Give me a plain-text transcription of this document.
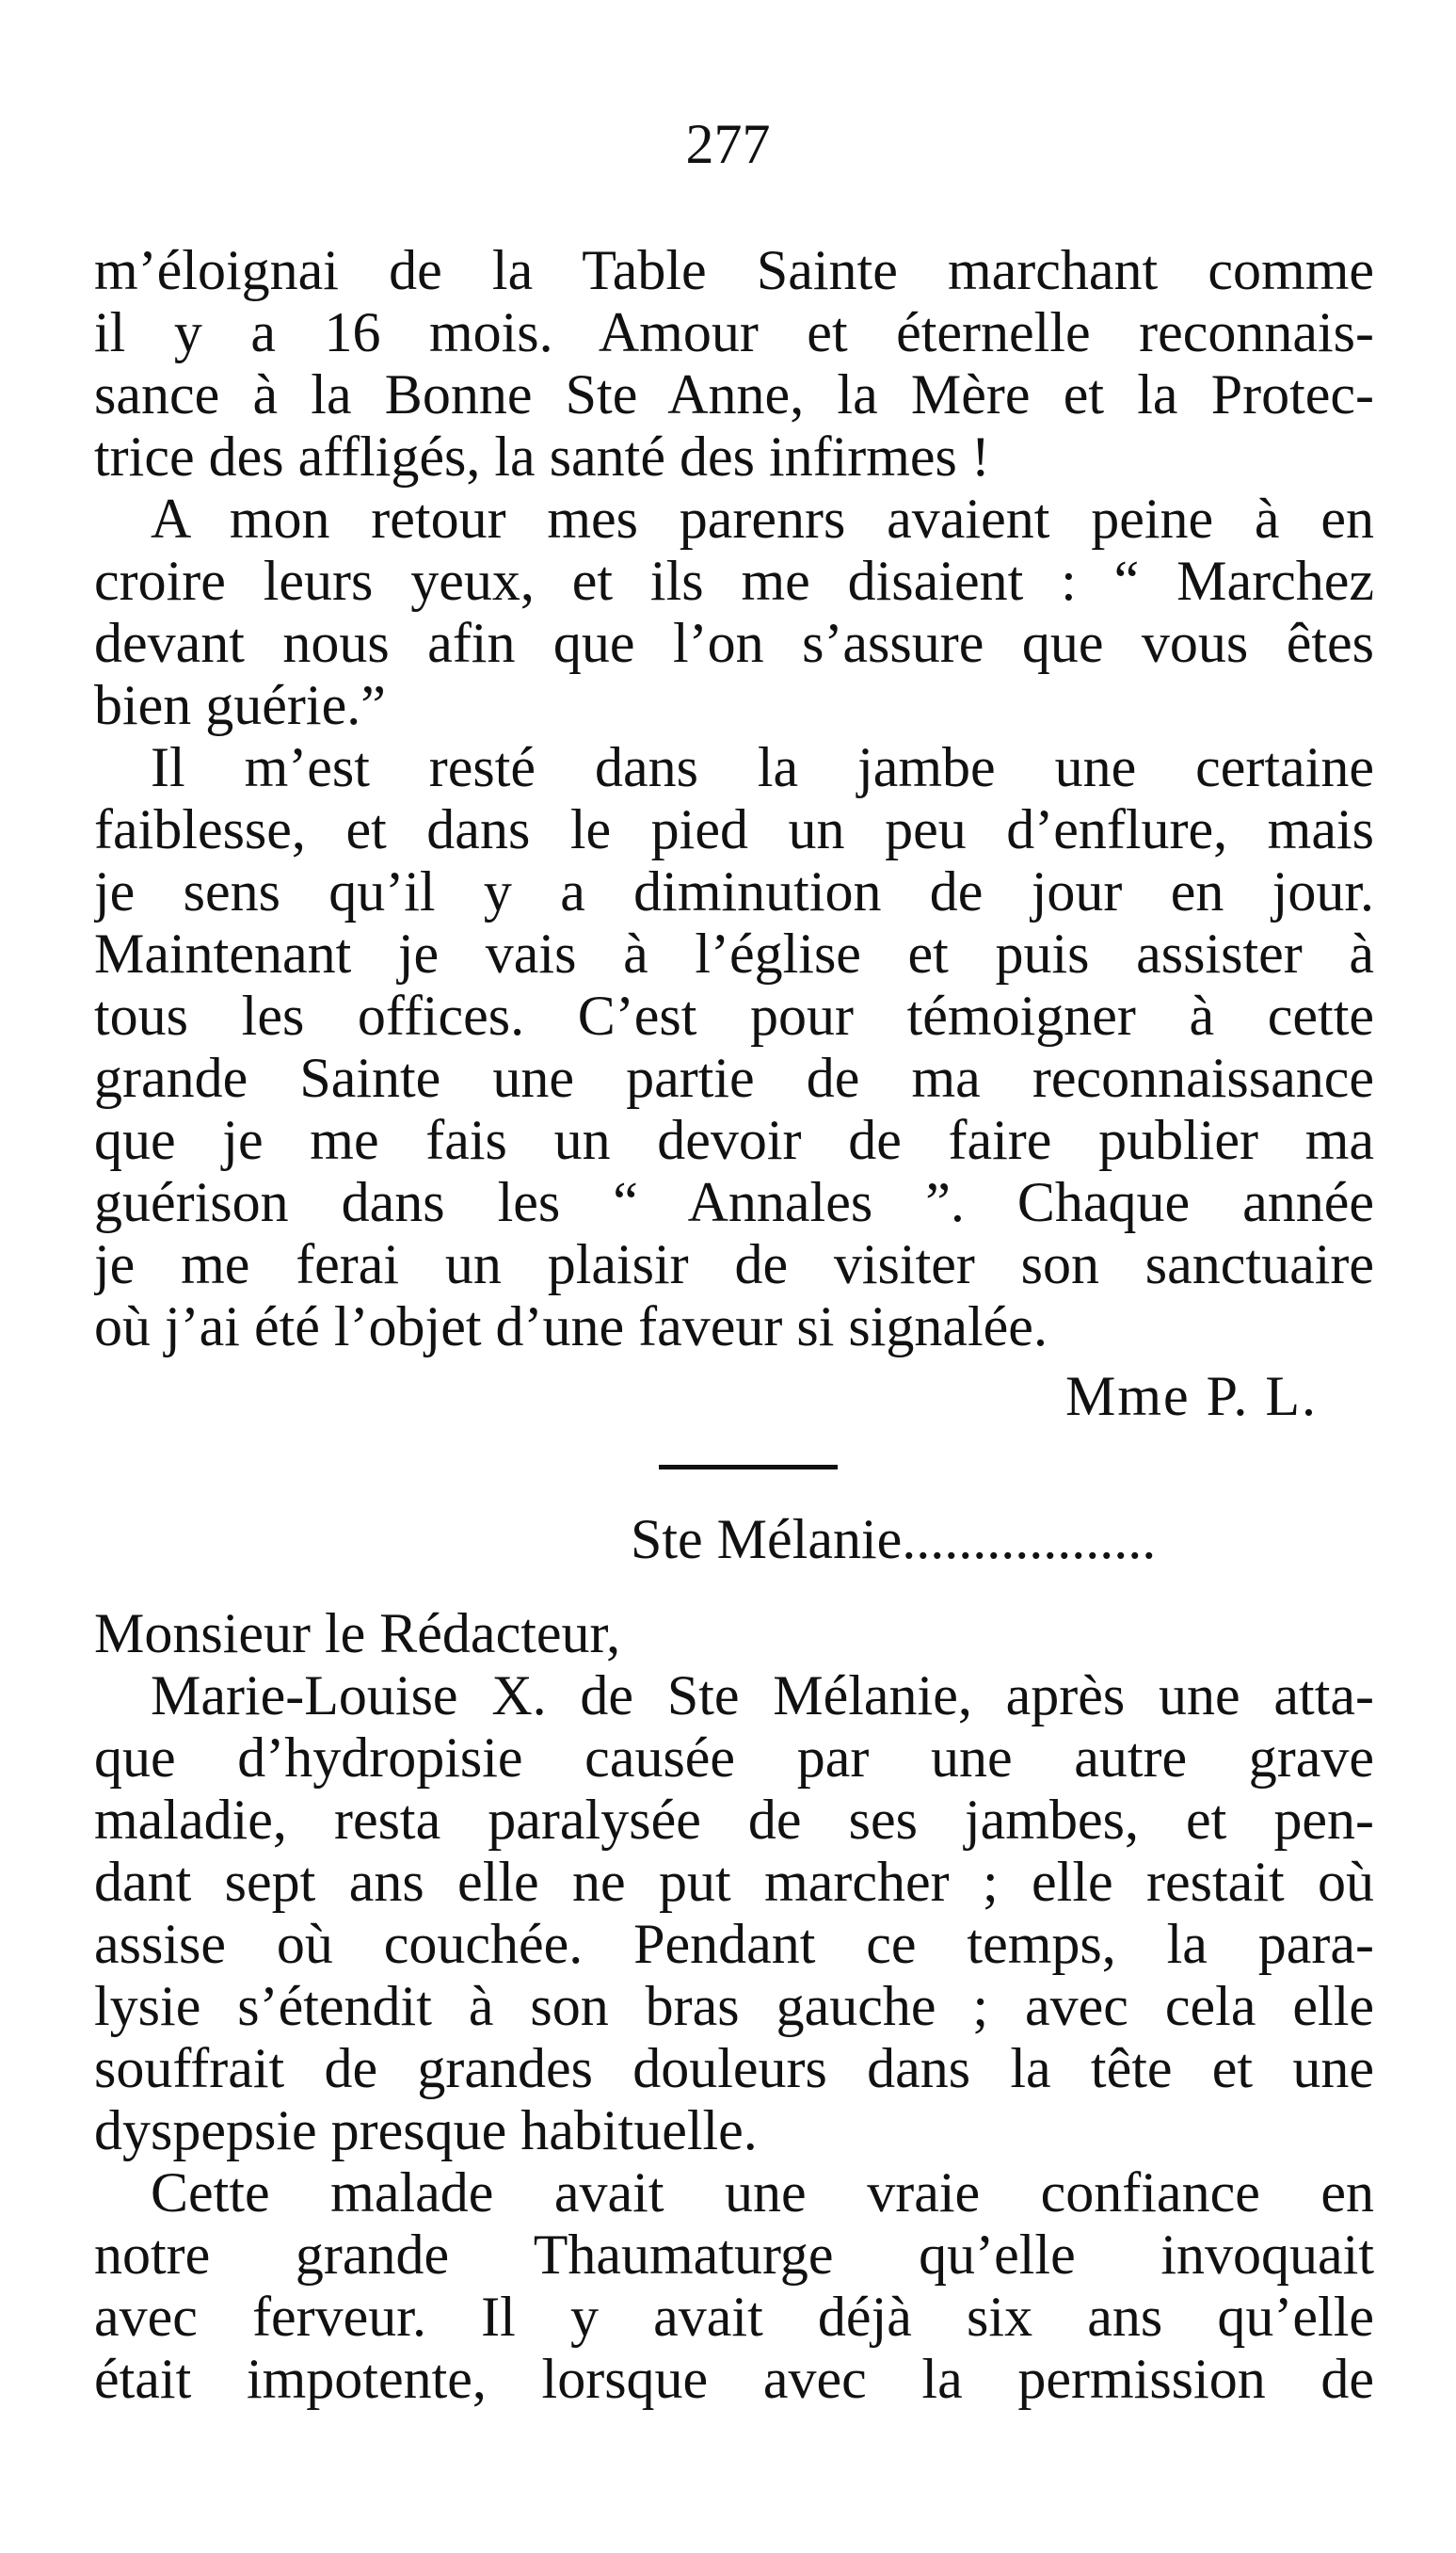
277
m’éloignai de la Table Sainte marchant comme
il y a 16 mois. Amour et éternelle reconnais-
sance à la Bonne Ste Anne, la Mère et la Protec-
trice des affligés, la santé des infirmes !
A mon retour mes parenrs avaient peine à en
croire leurs yeux, et ils me disaient : “ Marchez
devant nous afin que l’on s’assure que vous êtes
bien guérie.”
Il m’est resté dans la jambe une certaine
faiblesse, et dans le pied un peu d’enflure, mais
je sens qu’il y a diminution de jour en jour.
Maintenant je vais à l’église et puis assister à
tous les offices. C’est pour témoigner à cette
grande Sainte une partie de ma reconnaissance
que je me fais un devoir de faire publier ma
guérison dans les “ Annales ”. Chaque année
je me ferai un plaisir de visiter son sanctuaire
où j’ai été l’objet d’une faveur si signalée.
Mme P. L.
Ste Mélanie..................
Monsieur le Rédacteur,
Marie-Louise X. de Ste Mélanie, après une atta-
que d’hydropisie causée par une autre grave
maladie, resta paralysée de ses jambes, et pen-
dant sept ans elle ne put marcher ; elle restait où
assise où couchée. Pendant ce temps, la para-
lysie s’étendit à son bras gauche ; avec cela elle
souffrait de grandes douleurs dans la tête et une
dyspepsie presque habituelle.
Cette malade avait une vraie confiance en
notre grande Thaumaturge qu’elle invoquait
avec ferveur. Il y avait déjà six ans qu’elle
était impotente, lorsque avec la permission de
